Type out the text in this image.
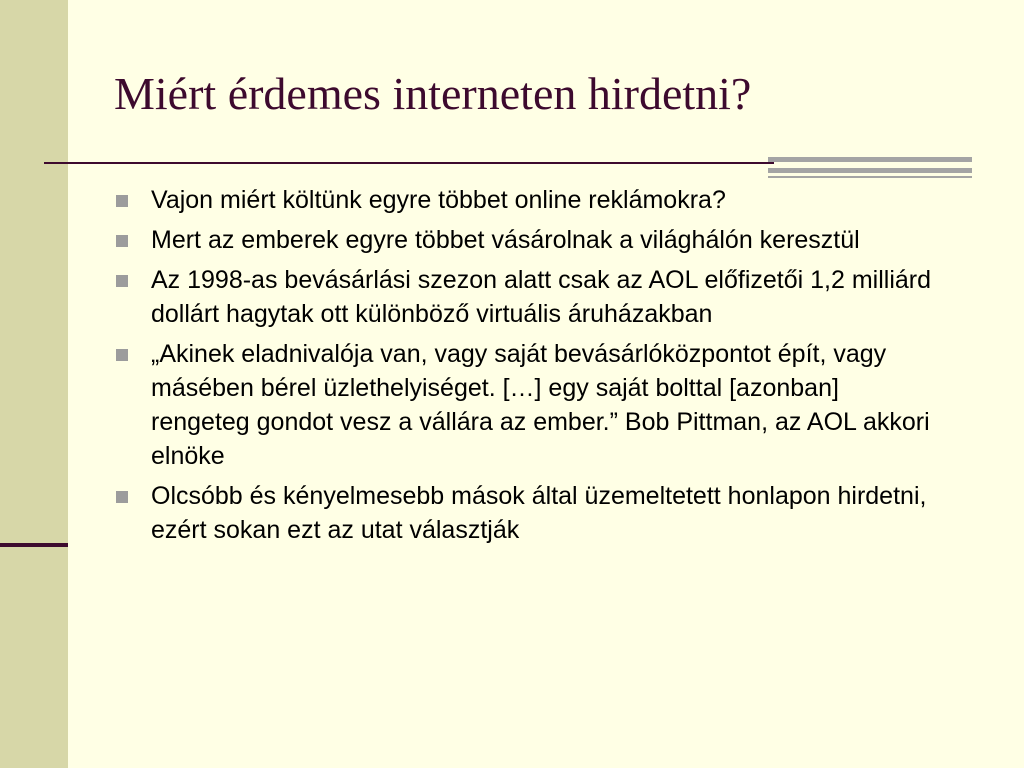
Miért érdemes interneten hirdetni?
Vajon miért költünk egyre többet online reklámokra?
Mert az emberek egyre többet vásárolnak a világhálón keresztül
Az 1998-as bevásárlási szezon alatt csak az AOL előfizetői 1,2 milliárd dollárt hagytak ott különböző virtuális áruházakban
„Akinek eladnivalója van, vagy saját bevásárlóközpontot épít, vagy másében bérel üzlethelyiséget. […] egy saját bolttal [azonban] rengeteg gondot vesz a vállára az ember.” Bob Pittman, az AOL akkori elnöke
Olcsóbb és kényelmesebb mások által üzemeltetett honlapon hirdetni, ezért sokan ezt az utat választják
